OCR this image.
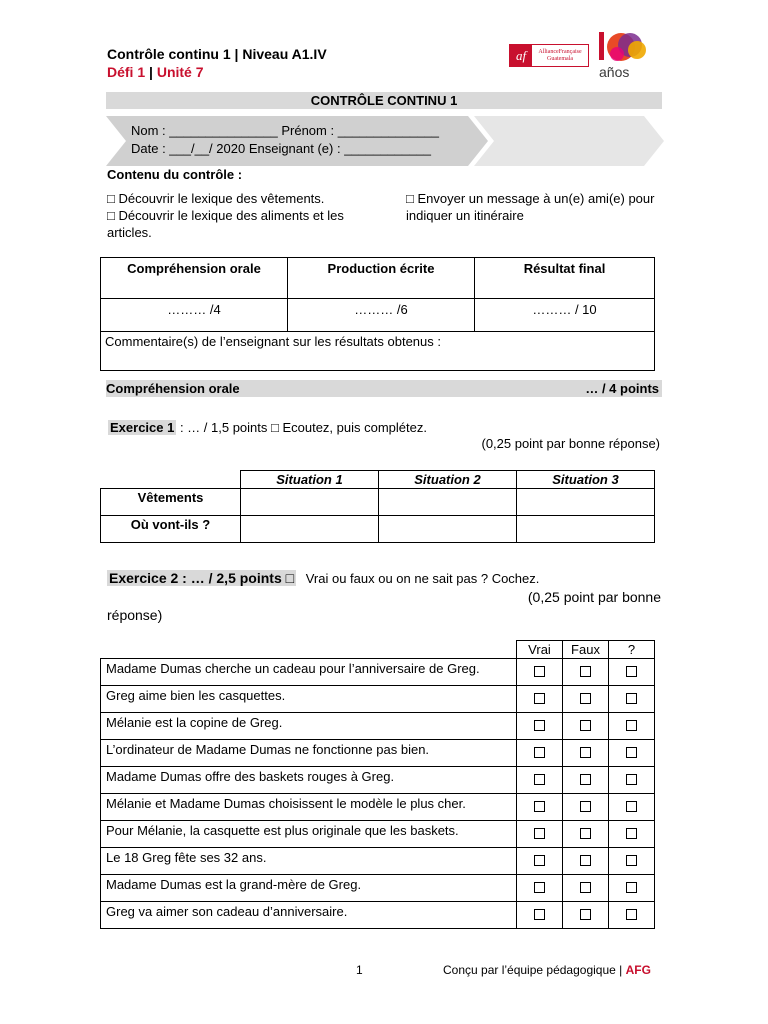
Contrôle continu 1 | Niveau A1.IV
Défi 1 | Unité 7
af	AllianceFrançaise Guatemala
años
CONTRÔLE CONTINU 1
Nom : _______________ Prénom : ______________
Date : ___/__/ 2020 Enseignant (e) : ____________
Contenu du contrôle :
□ Découvrir le lexique des vêtements.
□ Découvrir le lexique des aliments et les articles.
□ Envoyer un message à un(e) ami(e) pour indiquer un itinéraire
Compréhension orale	Production écrite	Résultat final
……… /4	……… /6	……… / 10
Commentaire(s) de l’enseignant sur les résultats obtenus :		
Compréhension orale	… / 4 points
Exercice 1 : … / 1,5 points □ Ecoutez, puis complétez.
(0,25 point par bonne réponse)
	Situation 1	Situation 2	Situation 3
Vêtements			
Où vont-ils ?			
Exercice 2 : … / 2,5 points □ Vrai ou faux ou on ne sait pas ? Cochez.
(0,25 point par bonne
réponse)
	Vrai	Faux	?
Madame Dumas cherche un cadeau pour l’anniversaire de Greg.			
Greg aime bien les casquettes.			
Mélanie est la copine de Greg.			
L’ordinateur de Madame Dumas ne fonctionne pas bien.			
Madame Dumas offre des baskets rouges à Greg.			
Mélanie et Madame Dumas choisissent le modèle le plus cher.			
Pour Mélanie, la casquette est plus originale que les baskets.			
Le 18 Greg fête ses 32 ans.			
Madame Dumas est la grand-mère de Greg.			
Greg va aimer son cadeau d’anniversaire.			
1	Conçu par l’équipe pédagogique | AFG
